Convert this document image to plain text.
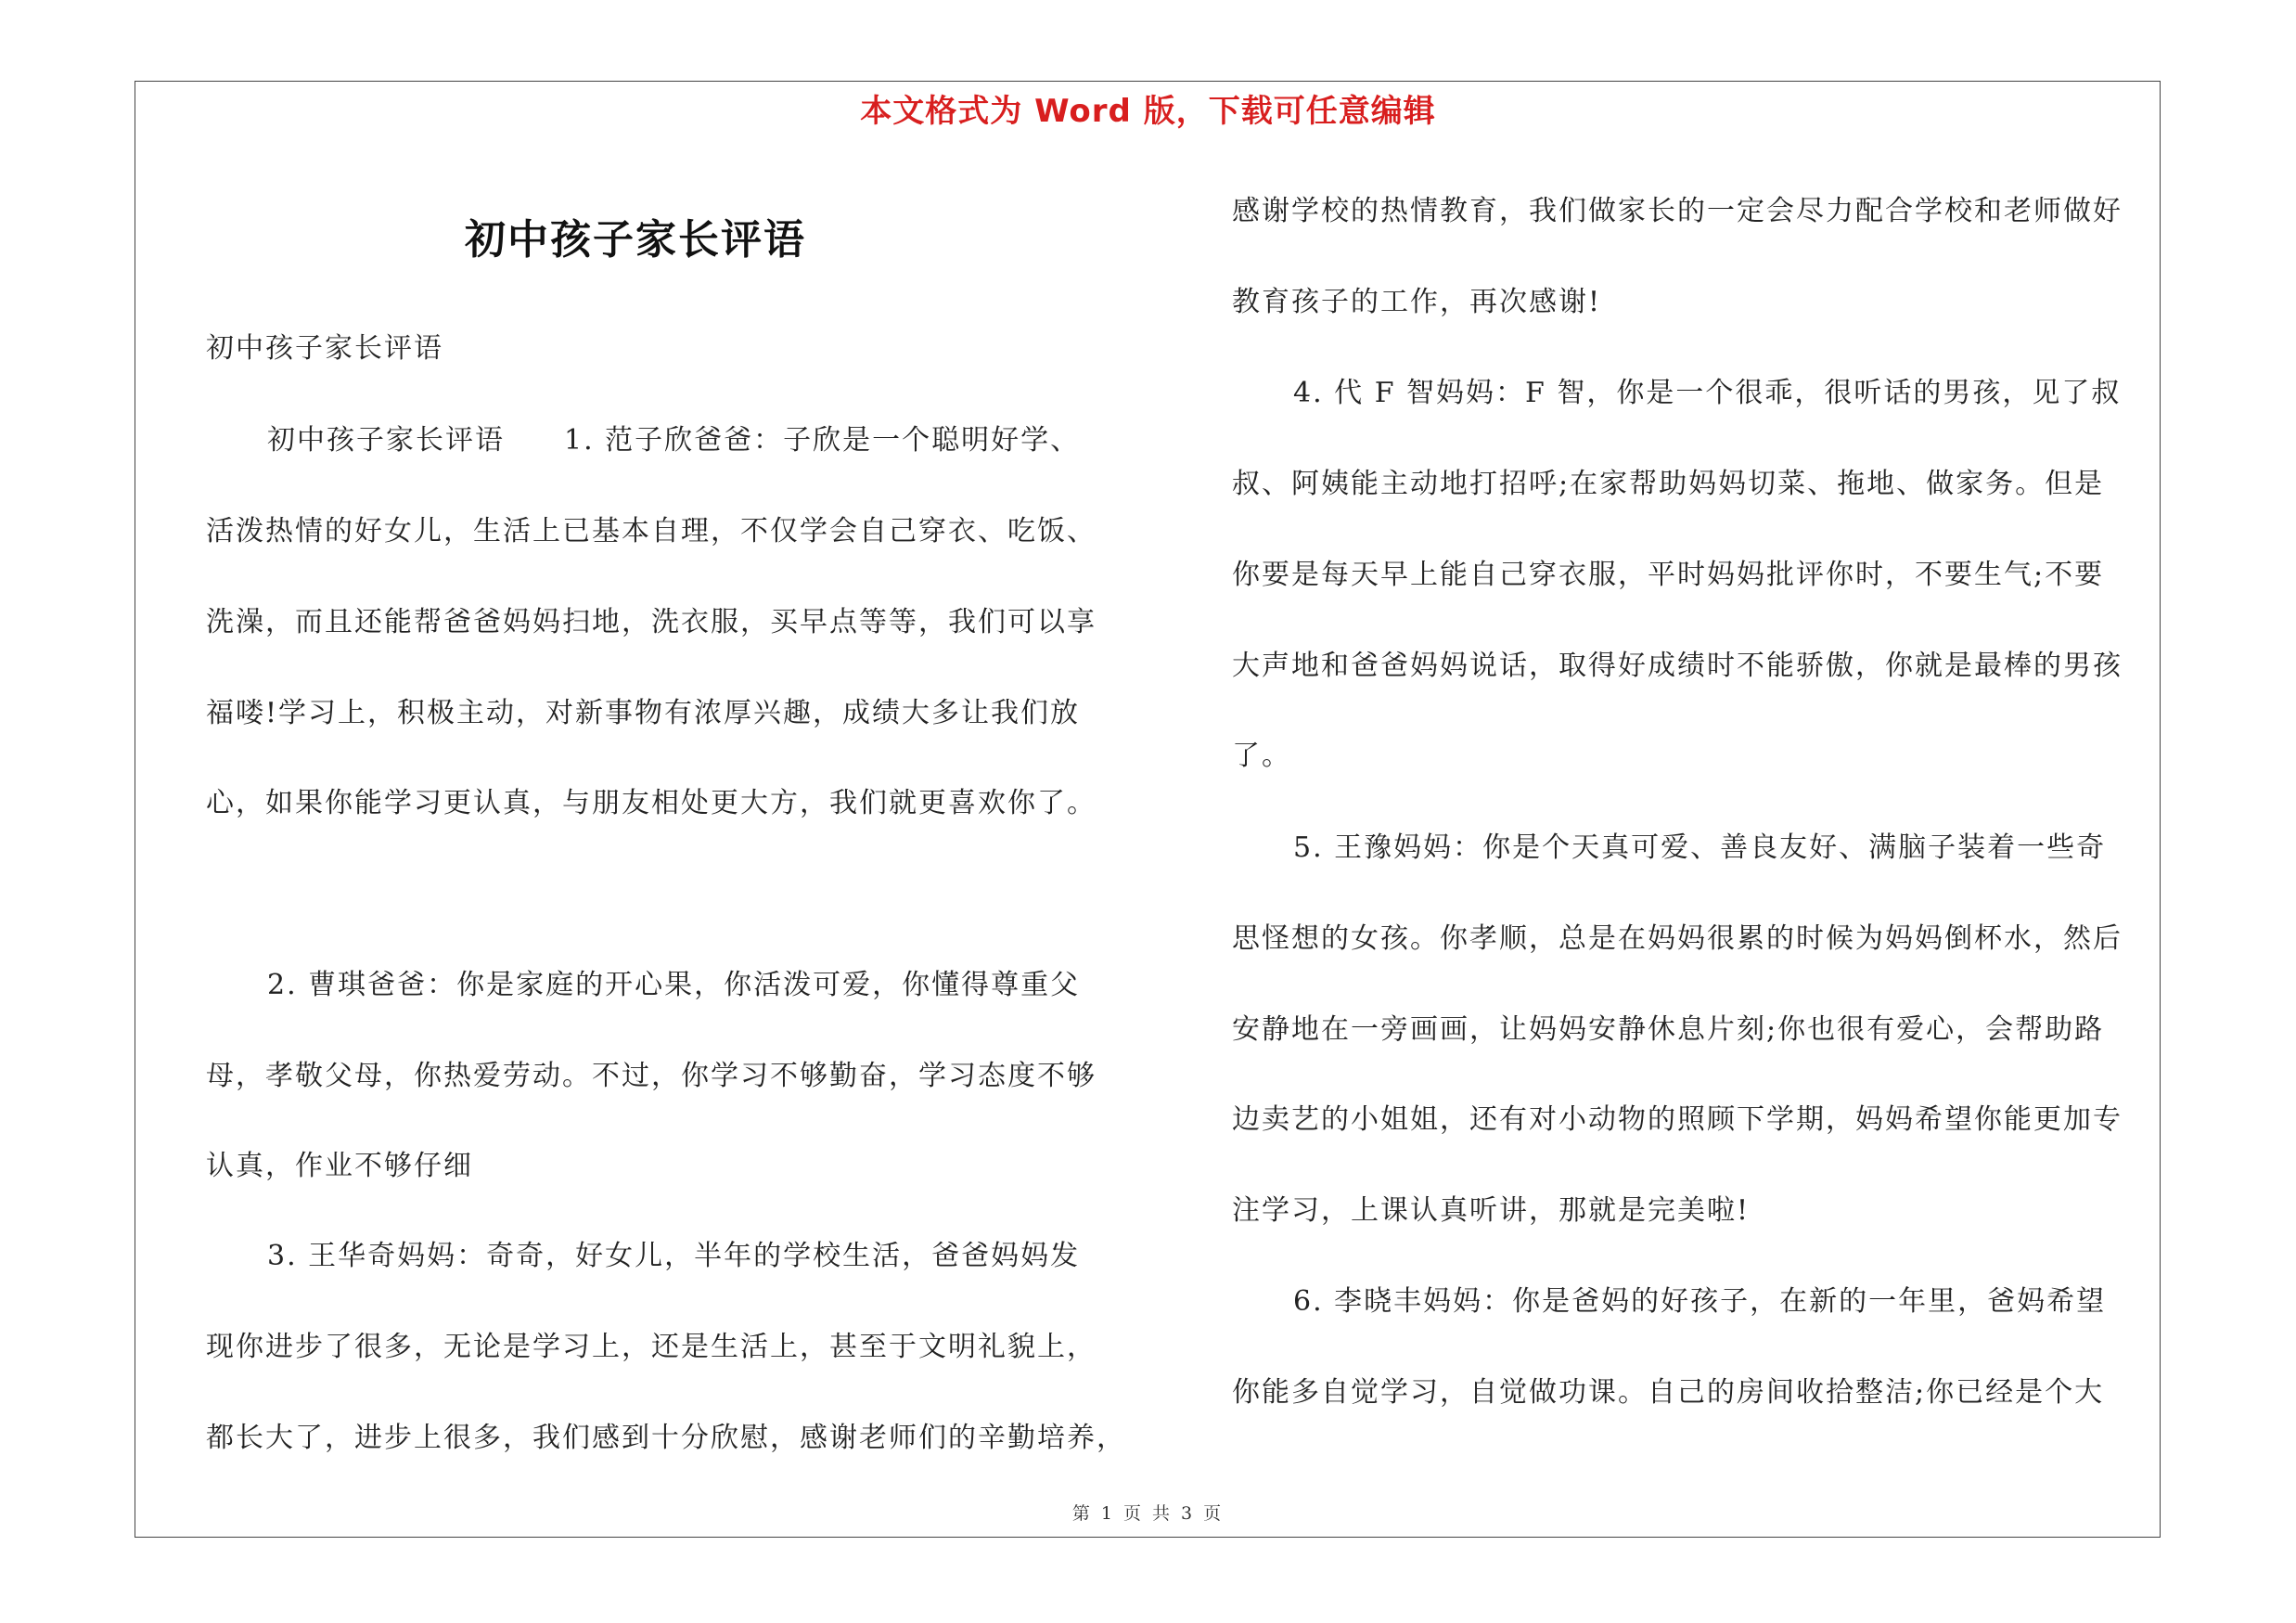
本文格式为 Word 版，下载可任意编辑
初中孩子家长评语
初中孩子家长评语
初中孩子家长评语　　1. 范子欣爸爸：子欣是一个聪明好学、
活泼热情的好女儿，生活上已基本自理，不仅学会自己穿衣、吃饭、
洗澡，而且还能帮爸爸妈妈扫地，洗衣服，买早点等等，我们可以享
福喽!学习上，积极主动，对新事物有浓厚兴趣，成绩大多让我们放
心，如果你能学习更认真，与朋友相处更大方，我们就更喜欢你了。
2. 曹琪爸爸：你是家庭的开心果，你活泼可爱，你懂得尊重父
母，孝敬父母，你热爱劳动。不过，你学习不够勤奋，学习态度不够
认真，作业不够仔细
3. 王华奇妈妈：奇奇，好女儿，半年的学校生活，爸爸妈妈发
现你进步了很多，无论是学习上，还是生活上，甚至于文明礼貌上，
都长大了，进步上很多，我们感到十分欣慰，感谢老师们的辛勤培养，
感谢学校的热情教育，我们做家长的一定会尽力配合学校和老师做好
教育孩子的工作，再次感谢!
4. 代 F 智妈妈：F 智，你是一个很乖，很听话的男孩，见了叔
叔、阿姨能主动地打招呼;在家帮助妈妈切菜、拖地、做家务。但是
你要是每天早上能自己穿衣服，平时妈妈批评你时，不要生气;不要
大声地和爸爸妈妈说话，取得好成绩时不能骄傲，你就是最棒的男孩
了。
5. 王豫妈妈：你是个天真可爱、善良友好、满脑子装着一些奇
思怪想的女孩。你孝顺，总是在妈妈很累的时候为妈妈倒杯水，然后
安静地在一旁画画，让妈妈安静休息片刻;你也很有爱心，会帮助路
边卖艺的小姐姐，还有对小动物的照顾下学期，妈妈希望你能更加专
注学习，上课认真听讲，那就是完美啦!
6. 李晓丰妈妈：你是爸妈的好孩子，在新的一年里，爸妈希望
你能多自觉学习，自觉做功课。自己的房间收拾整洁;你已经是个大
第 1 页 共 3 页
